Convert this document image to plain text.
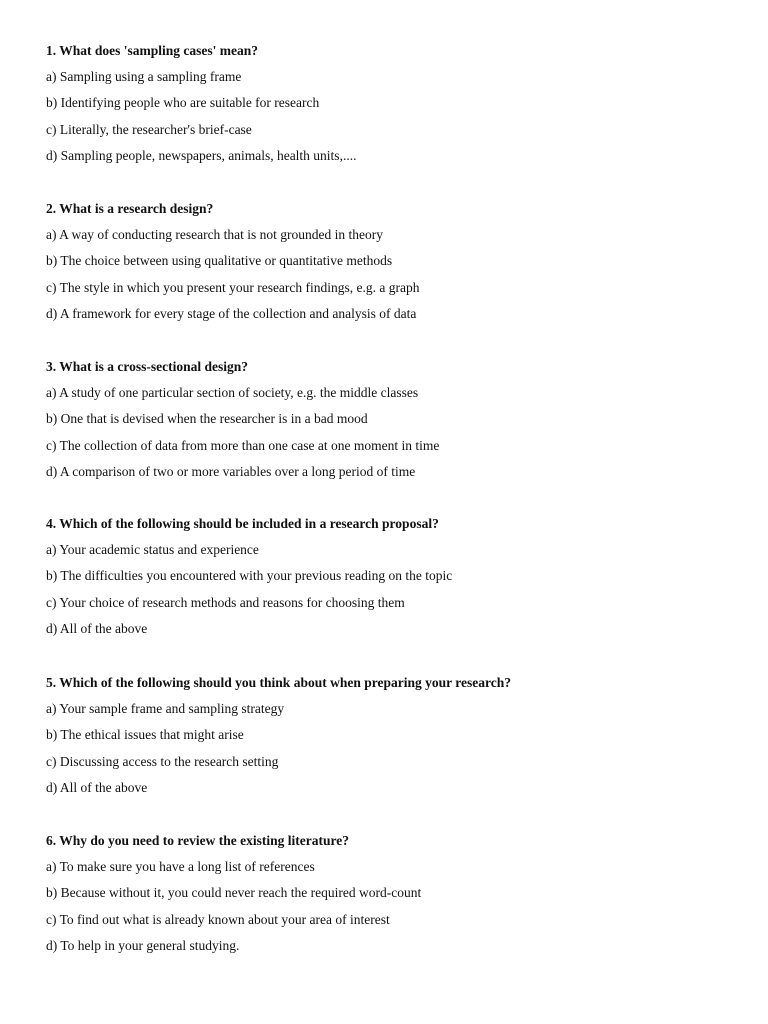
1. What does 'sampling cases' mean?
a) Sampling using a sampling frame
b) Identifying people who are suitable for research
c) Literally, the researcher's brief-case
d) Sampling people, newspapers, animals, health units,....
2. What is a research design?
a) A way of conducting research that is not grounded in theory
b) The choice between using qualitative or quantitative methods
c) The style in which you present your research findings, e.g. a graph
d) A framework for every stage of the collection and analysis of data
3. What is a cross-sectional design?
a) A study of one particular section of society, e.g. the middle classes
b) One that is devised when the researcher is in a bad mood
c) The collection of data from more than one case at one moment in time
d) A comparison of two or more variables over a long period of time
4. Which of the following should be included in a research proposal?
a) Your academic status and experience
b) The difficulties you encountered with your previous reading on the topic
c) Your choice of research methods and reasons for choosing them
d) All of the above
5. Which of the following should you think about when preparing your research?
a) Your sample frame and sampling strategy
b) The ethical issues that might arise
c) Discussing access to the research setting
d) All of the above
6. Why do you need to review the existing literature?
a) To make sure you have a long list of references
b) Because without it, you could never reach the required word-count
c) To find out what is already known about your area of interest
d) To help in your general studying.
